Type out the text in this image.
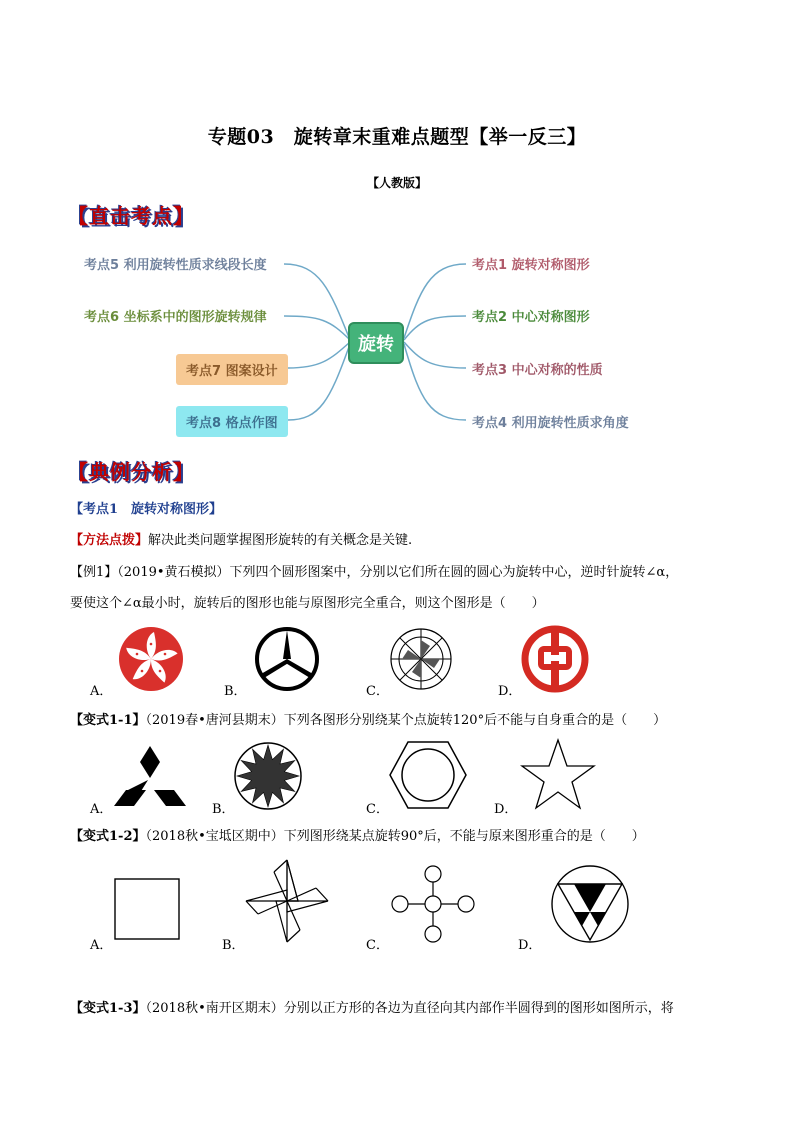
专题03　旋转章末重难点题型【举一反三】
【人教版】
【直击考点】
旋转
考点5 利用旋转性质求线段长度
考点6 坐标系中的图形旋转规律
考点7 图案设计
考点8 格点作图
考点1 旋转对称图形
考点2 中心对称图形
考点3 中心对称的性质
考点4 利用旋转性质求角度
【典例分析】
【考点1　旋转对称图形】
【方法点拨】解决此类问题掌握图形旋转的有关概念是关键.
【例1】（2019•黄石模拟）下列四个圆形图案中，分别以它们所在圆的圆心为旋转中心，逆时针旋转∠α，
要使这个∠α最小时，旋转后的图形也能与原图形完全重合，则这个图形是（　　）
A．	B．	C．	D．
【变式1-1】（2019春•唐河县期末）下列各图形分别绕某个点旋转120°后不能与自身重合的是（　　）
A．	B．	C．	D．
【变式1-2】（2018秋•宝坻区期中）下列图形绕某点旋转90°后，不能与原来图形重合的是（　　）
A．	B．	C．	D．
【变式1-3】（2018秋•南开区期末）分别以正方形的各边为直径向其内部作半圆得到的图形如图所示，将
